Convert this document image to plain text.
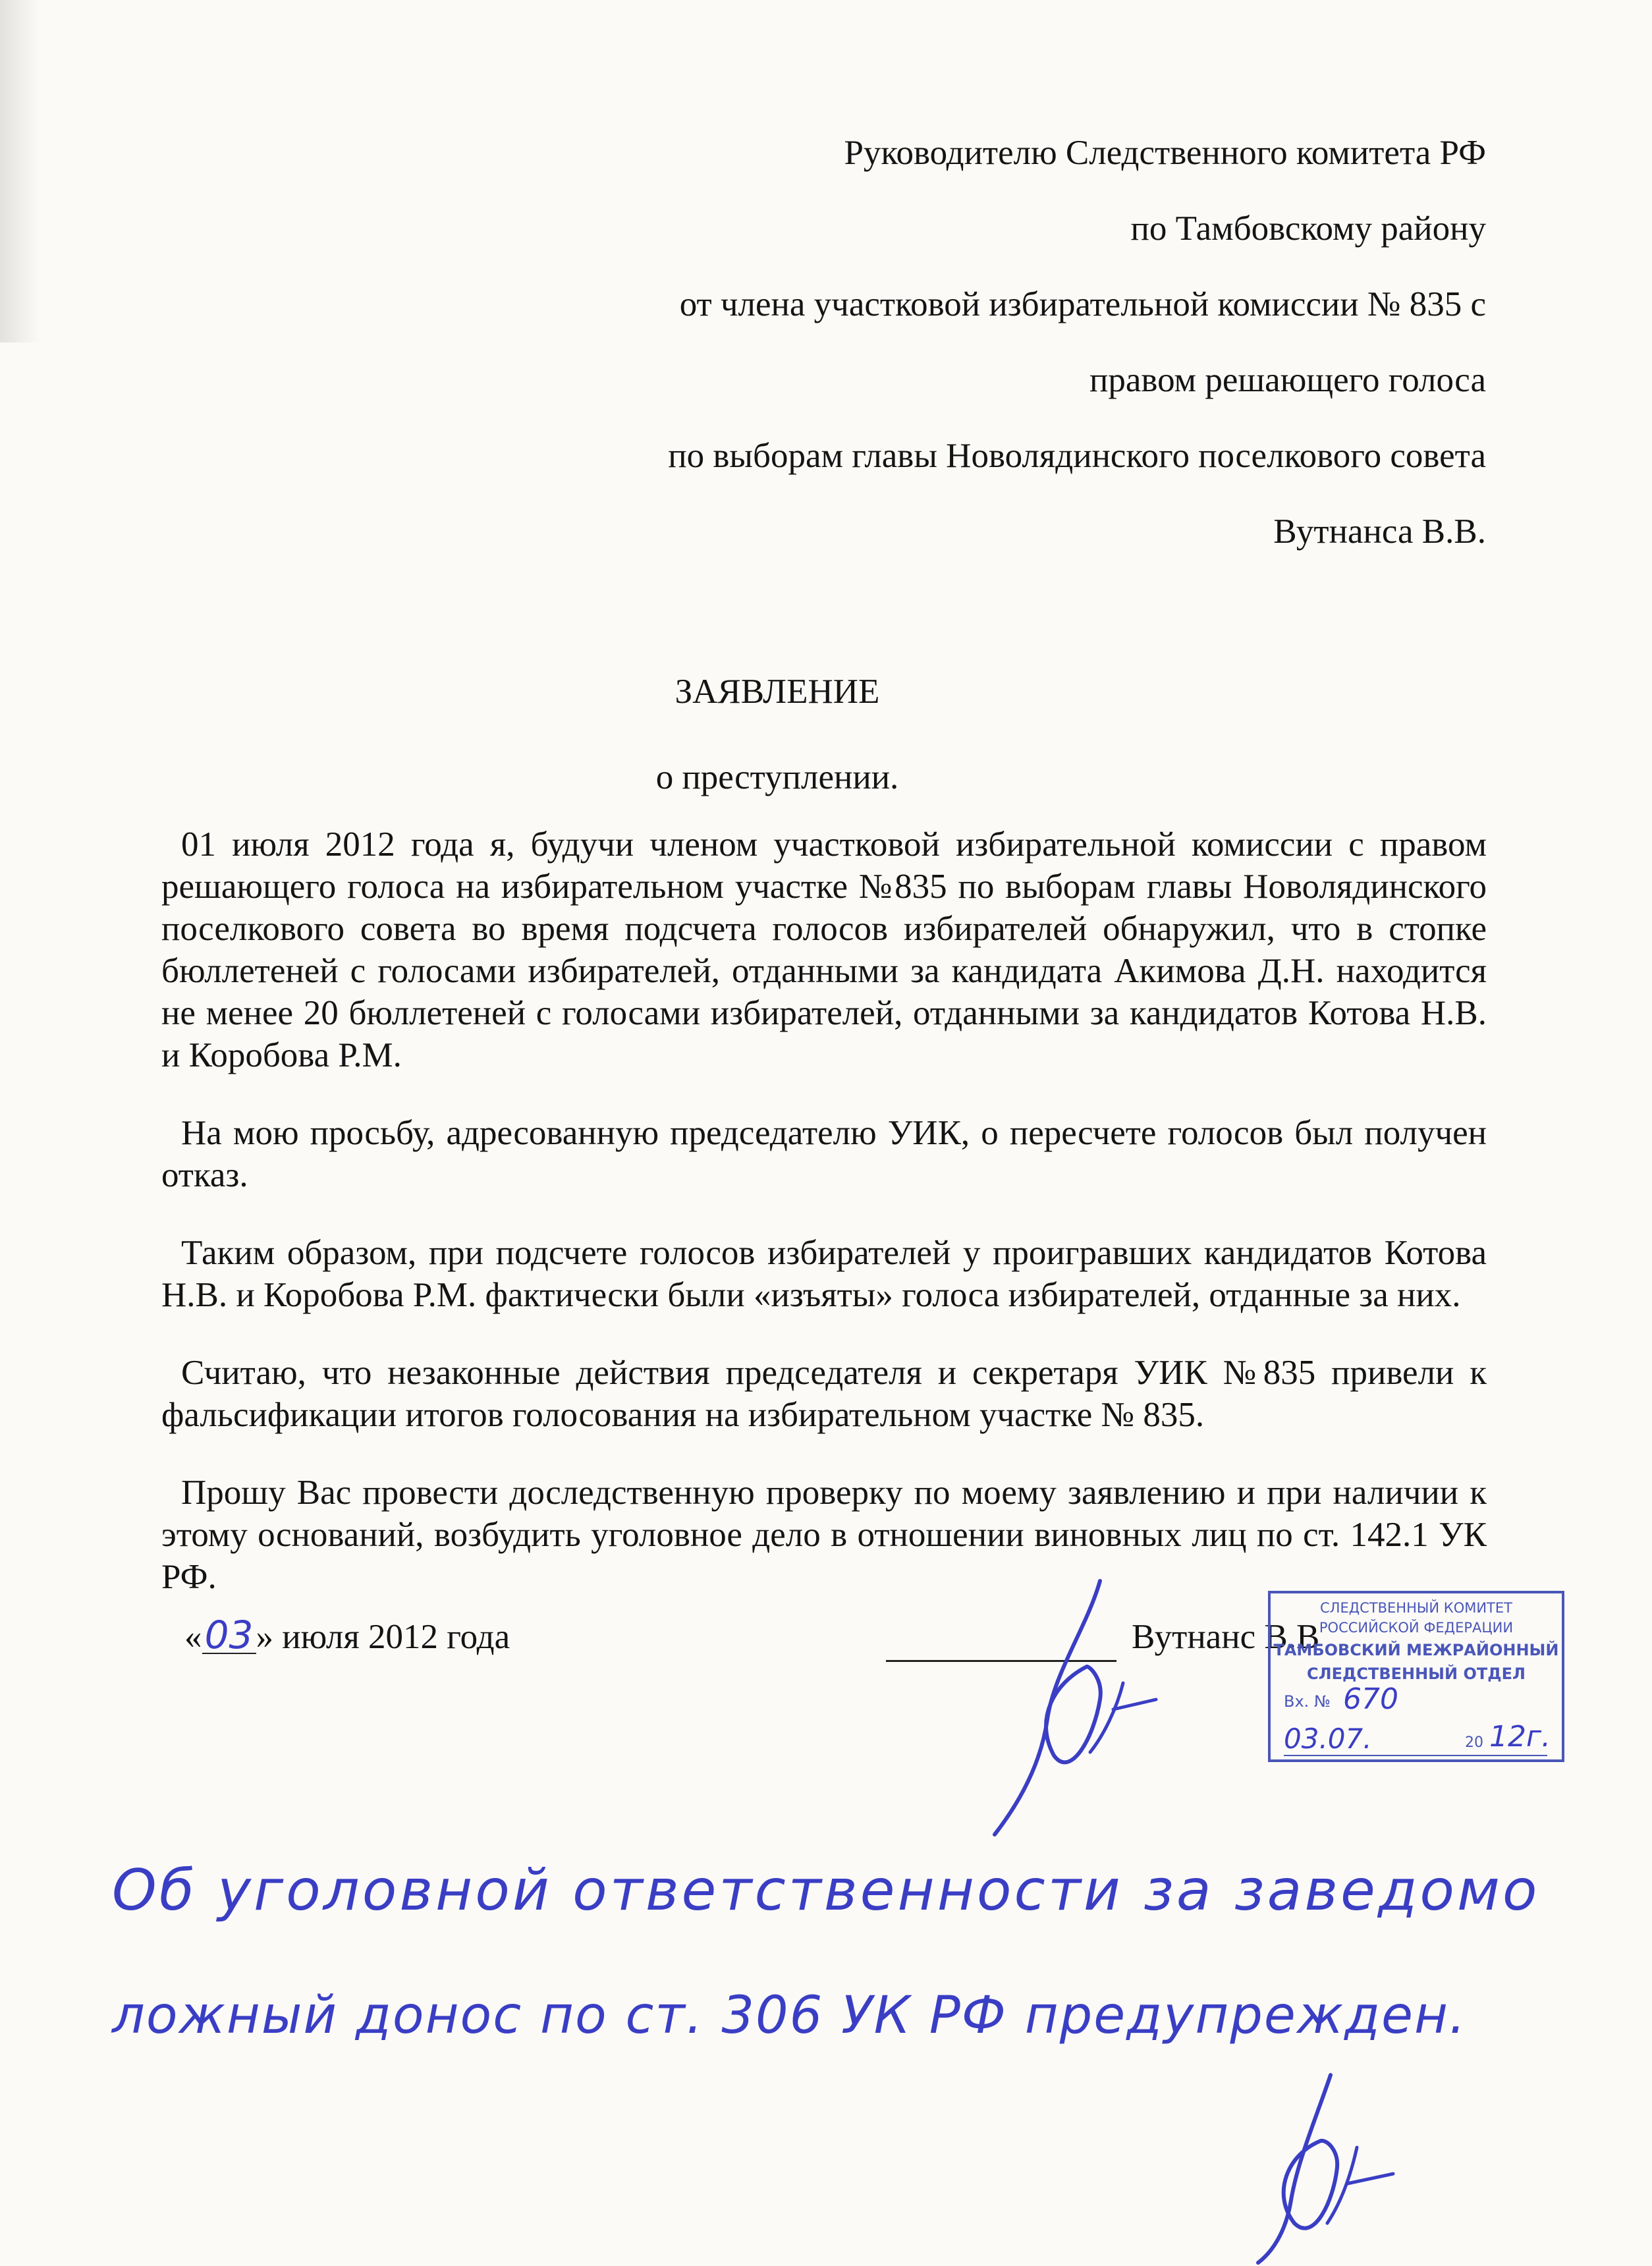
Руководителю Следственного комитета РФ
по Тамбовскому району
от члена участковой избирательной комиссии № 835 с
правом решающего голоса
по выборам главы Новолядинского поселкового совета
Вутнанса В.В.
ЗАЯВЛЕНИЕ
о преступлении.

01 июля 2012 года я, будучи членом участковой избирательной комиссии с правом решающего голоса на избирательном участке №835 по выборам главы Новолядинского поселкового совета во время подсчета голосов избирателей обнаружил, что в стопке бюллетеней с голосами избирателей, отданными за кандидата Акимова Д.Н. находится не менее 20 бюллетеней с голосами избирателей, отданными за кандидатов Котова Н.В. и Коробова Р.М.

На мою просьбу, адресованную председателю УИК, о пересчете голосов был получен отказ.

Таким образом, при подсчете голосов избирателей у проигравших кандидатов Котова Н.В. и Коробова Р.М. фактически были «изъяты» голоса избирателей, отданные за них.

Считаю, что незаконные действия председателя и секретаря УИК №835 привели к фальсификации итогов голосования на избирательном участке № 835.

Прошу Вас провести доследственную проверку по моему заявлению и при наличии к этому оснований, возбудить уголовное дело в отношении виновных лиц по ст. 142.1 УК РФ.

«03» июля 2012 года	Вутнанс В.В
СЛЕДСТВЕННЫЙ КОМИТЕТ
РОССИЙСКОЙ ФЕДЕРАЦИИ
ТАМБОВСКИЙ МЕЖРАЙОННЫЙ
СЛЕДСТВЕННЫЙ ОТДЕЛ
Вх. № 670
03.07.	20 12г.
Об уголовной ответственности за заведомо
ложный донос по ст. 306 УК РФ предупрежден.
